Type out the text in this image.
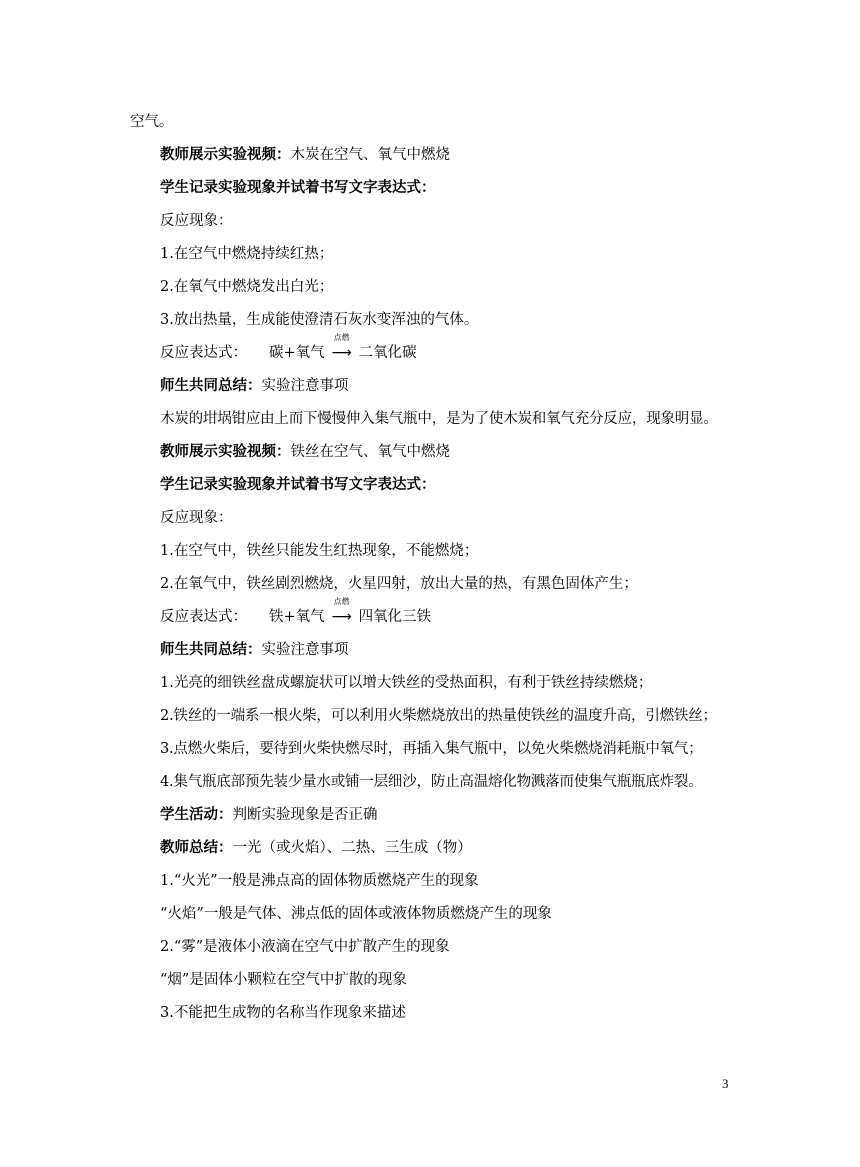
空气。

教师展示实验视频：木炭在空气、氧气中燃烧

学生记录实验现象并试着书写文字表达式：

反应现象：

1.在空气中燃烧持续红热；

2.在氧气中燃烧发出白光；

3.放出热量，生成能使澄清石灰水变浑浊的气体。

反应表达式： 碳+氧气
点燃
⟶ 二氧化碳

师生共同总结：实验注意事项

木炭的坩埚钳应由上而下慢慢伸入集气瓶中，是为了使木炭和氧气充分反应，现象明显。

教师展示实验视频：铁丝在空气、氧气中燃烧

学生记录实验现象并试着书写文字表达式：

反应现象：

1.在空气中，铁丝只能发生红热现象，不能燃烧；

2.在氧气中，铁丝剧烈燃烧，火星四射，放出大量的热，有黑色固体产生；

反应表达式： 铁+氧气
点燃
⟶ 四氧化三铁

师生共同总结：实验注意事项

1.光亮的细铁丝盘成螺旋状可以增大铁丝的受热面积，有利于铁丝持续燃烧；

2.铁丝的一端系一根火柴，可以利用火柴燃烧放出的热量使铁丝的温度升高，引燃铁丝；

3.点燃火柴后，要待到火柴快燃尽时，再插入集气瓶中，以免火柴燃烧消耗瓶中氧气；

4.集气瓶底部预先装少量水或铺一层细沙，防止高温熔化物溅落而使集气瓶瓶底炸裂。

学生活动：判断实验现象是否正确

教师总结：一光（或火焰）、二热、三生成（物）

1.“火光”一般是沸点高的固体物质燃烧产生的现象

“火焰”一般是气体、沸点低的固体或液体物质燃烧产生的现象

2.“雾”是液体小液滴在空气中扩散产生的现象

“烟”是固体小颗粒在空气中扩散的现象

3.不能把生成物的名称当作现象来描述

3
